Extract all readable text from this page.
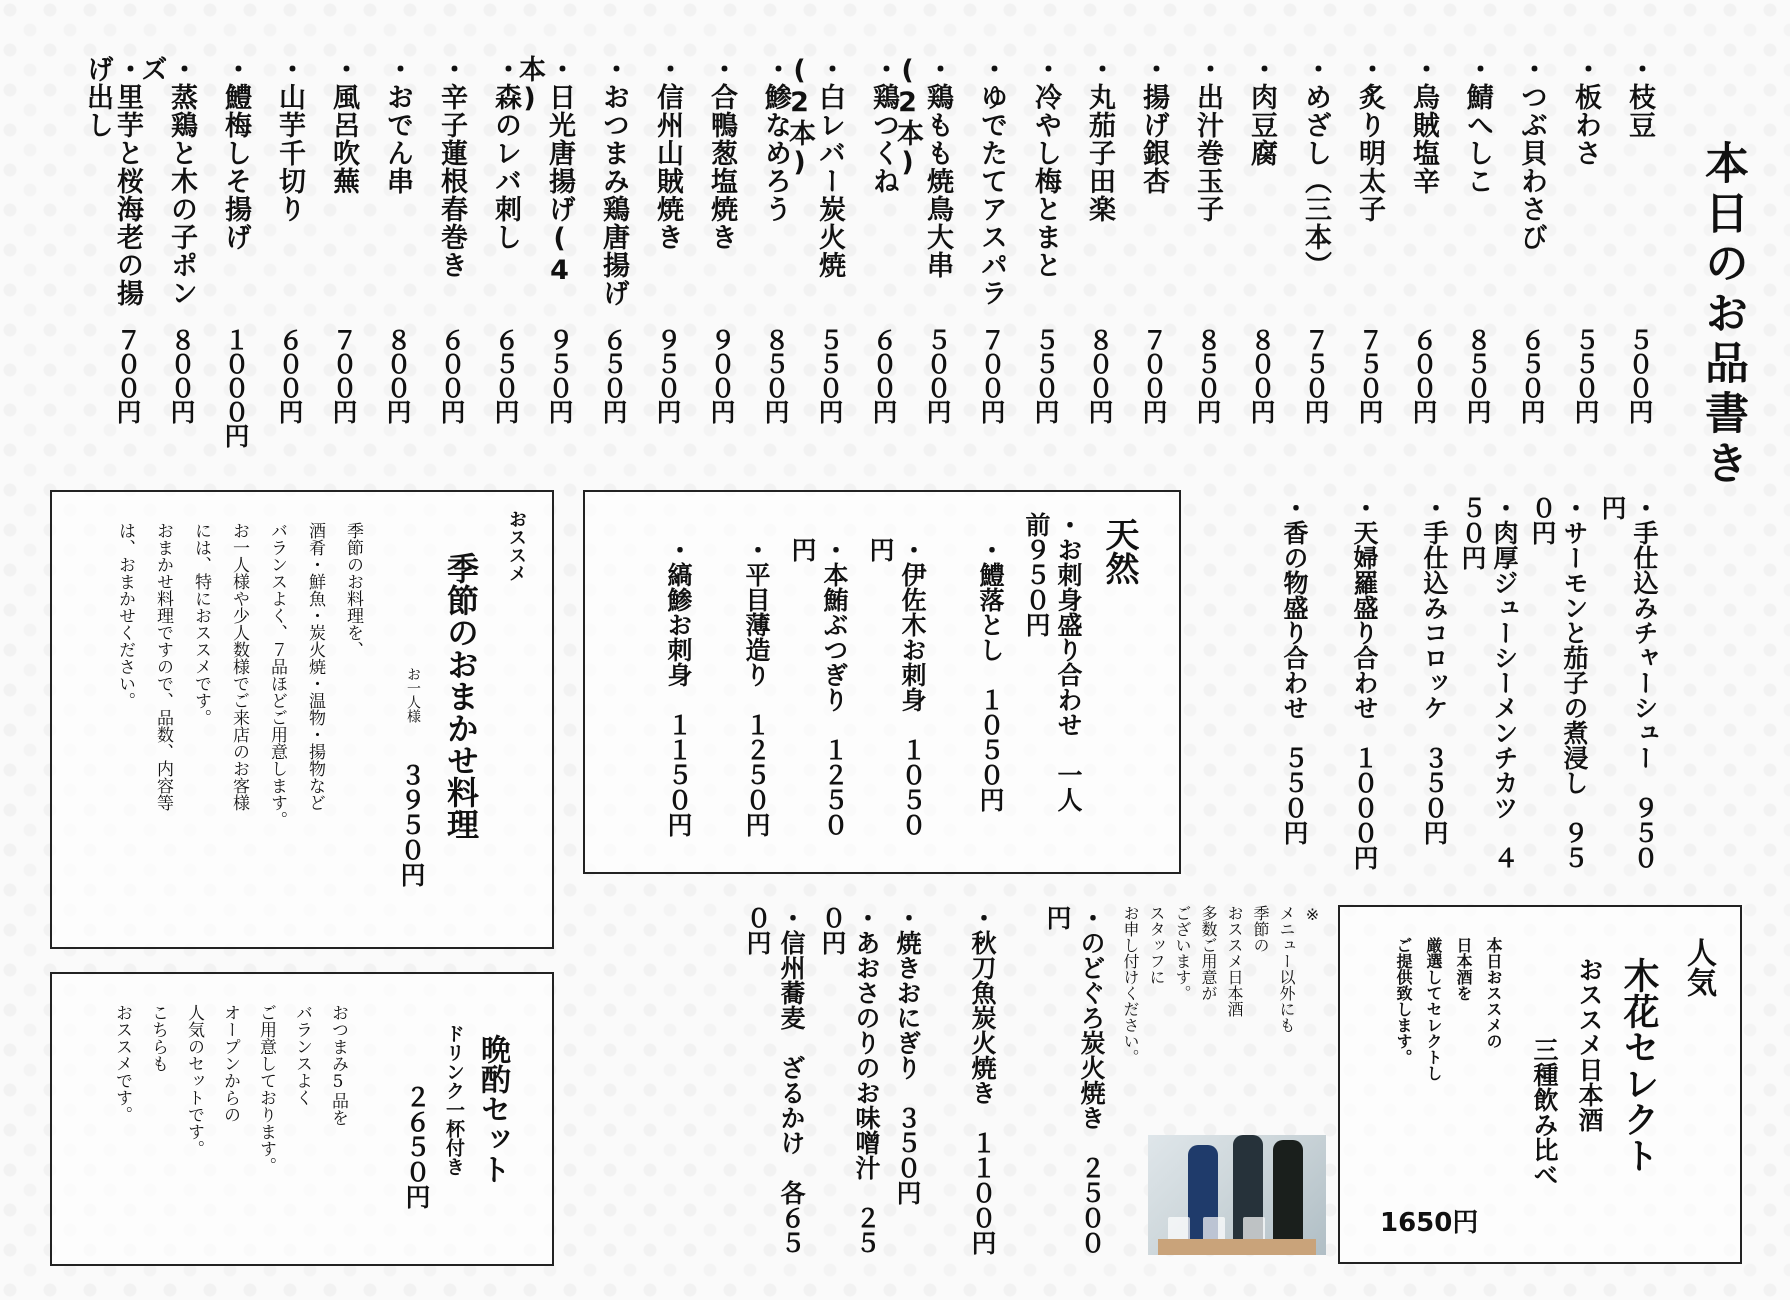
本日のお品書き
・ 枝豆
５００円
・ 板わさ
５５０円
・ つぶ貝わさび
６５０円
・ 鯖へしこ
８５０円
・ 烏賊塩辛
６００円
・ 炙り明太子
７５０円
・ めざし（三本）
７５０円
・ 肉豆腐
８００円
・ 出汁巻玉子
８５０円
・ 揚げ銀杏
７００円
・ 丸茄子田楽
８００円
・ 冷やし梅とまと
５５０円
・ ゆでたてアスパラ
７００円
・ 鶏もも焼鳥大串(2本)
５００円
・ 鶏つくね
６００円
・ 白レバー炭火焼(2本)
５５０円
・ 鯵なめろう
８５０円
・ 合鴨葱塩焼き
９００円
・ 信州山賊焼き
９５０円
・ おつまみ鶏唐揚げ
６５０円
・ 日光唐揚げ(4本)
９５０円
・ 森のレバ刺し
６５０円
・ 辛子蓮根春巻き
６００円
・ おでん串
８００円
・ 風呂吹蕪
７００円
・ 山芋千切り
６００円
・ 鱧梅しそ揚げ
１０００円
・ 蒸鶏と木の子ポンズ
８００円
・ 里芋と桜海老の揚げ出し
７００円
・手仕込みチャーシュー　９５０円
・サーモンと茄子の煮浸し　９５０円
・肉厚ジューシーメンチカツ　４５０円
・手仕込みコロッケ　３５０円
・天婦羅盛り合わせ　１０００円
・香の物盛り合わせ　５５０円
天然
・お刺身盛り合わせ　一人前９５０円
・鱧落とし　１０５０円
・伊佐木お刺身　１０５０円
・本鮪ぶつぎり　１２５０円
・平目薄造り　１２５０円
・縞鯵お刺身　１１５０円
おススメ
季節のおまかせ料理
お一人様
３９５０円
季節のお料理を、
酒肴・鮮魚・炭火焼・温物・揚物など
バランスよく、７品ほどご用意します。
お一人様や少人数様でご来店のお客様
には、特におススメです。
おまかせ料理ですので、品数、内容等
は、おまかせください。
晩酌セット
ドリンク一杯付き
２６５０円
おつまみ5品を
バランスよく
ご用意しております。
オープンからの
人気のセットです。
こちらも
おススメです。	・のどぐろ炭火焼き　２５００円
・秋刀魚炭火焼き　１１００円
・焼きおにぎり　３５０円
・あおさのりのお味噌汁　２５０円
・信州蕎麦　ざるかけ　各６５０円	※
メニュー以外にも
季節の
おススメ日本酒
多数ご用意が
ございます。
スタッフに
お申し付けください。	人気
木花セレクト
おススメ日本酒
三種飲み比べ
1650円
本日おススメの
日本酒を
厳選してセレクトし
ご提供致します。
